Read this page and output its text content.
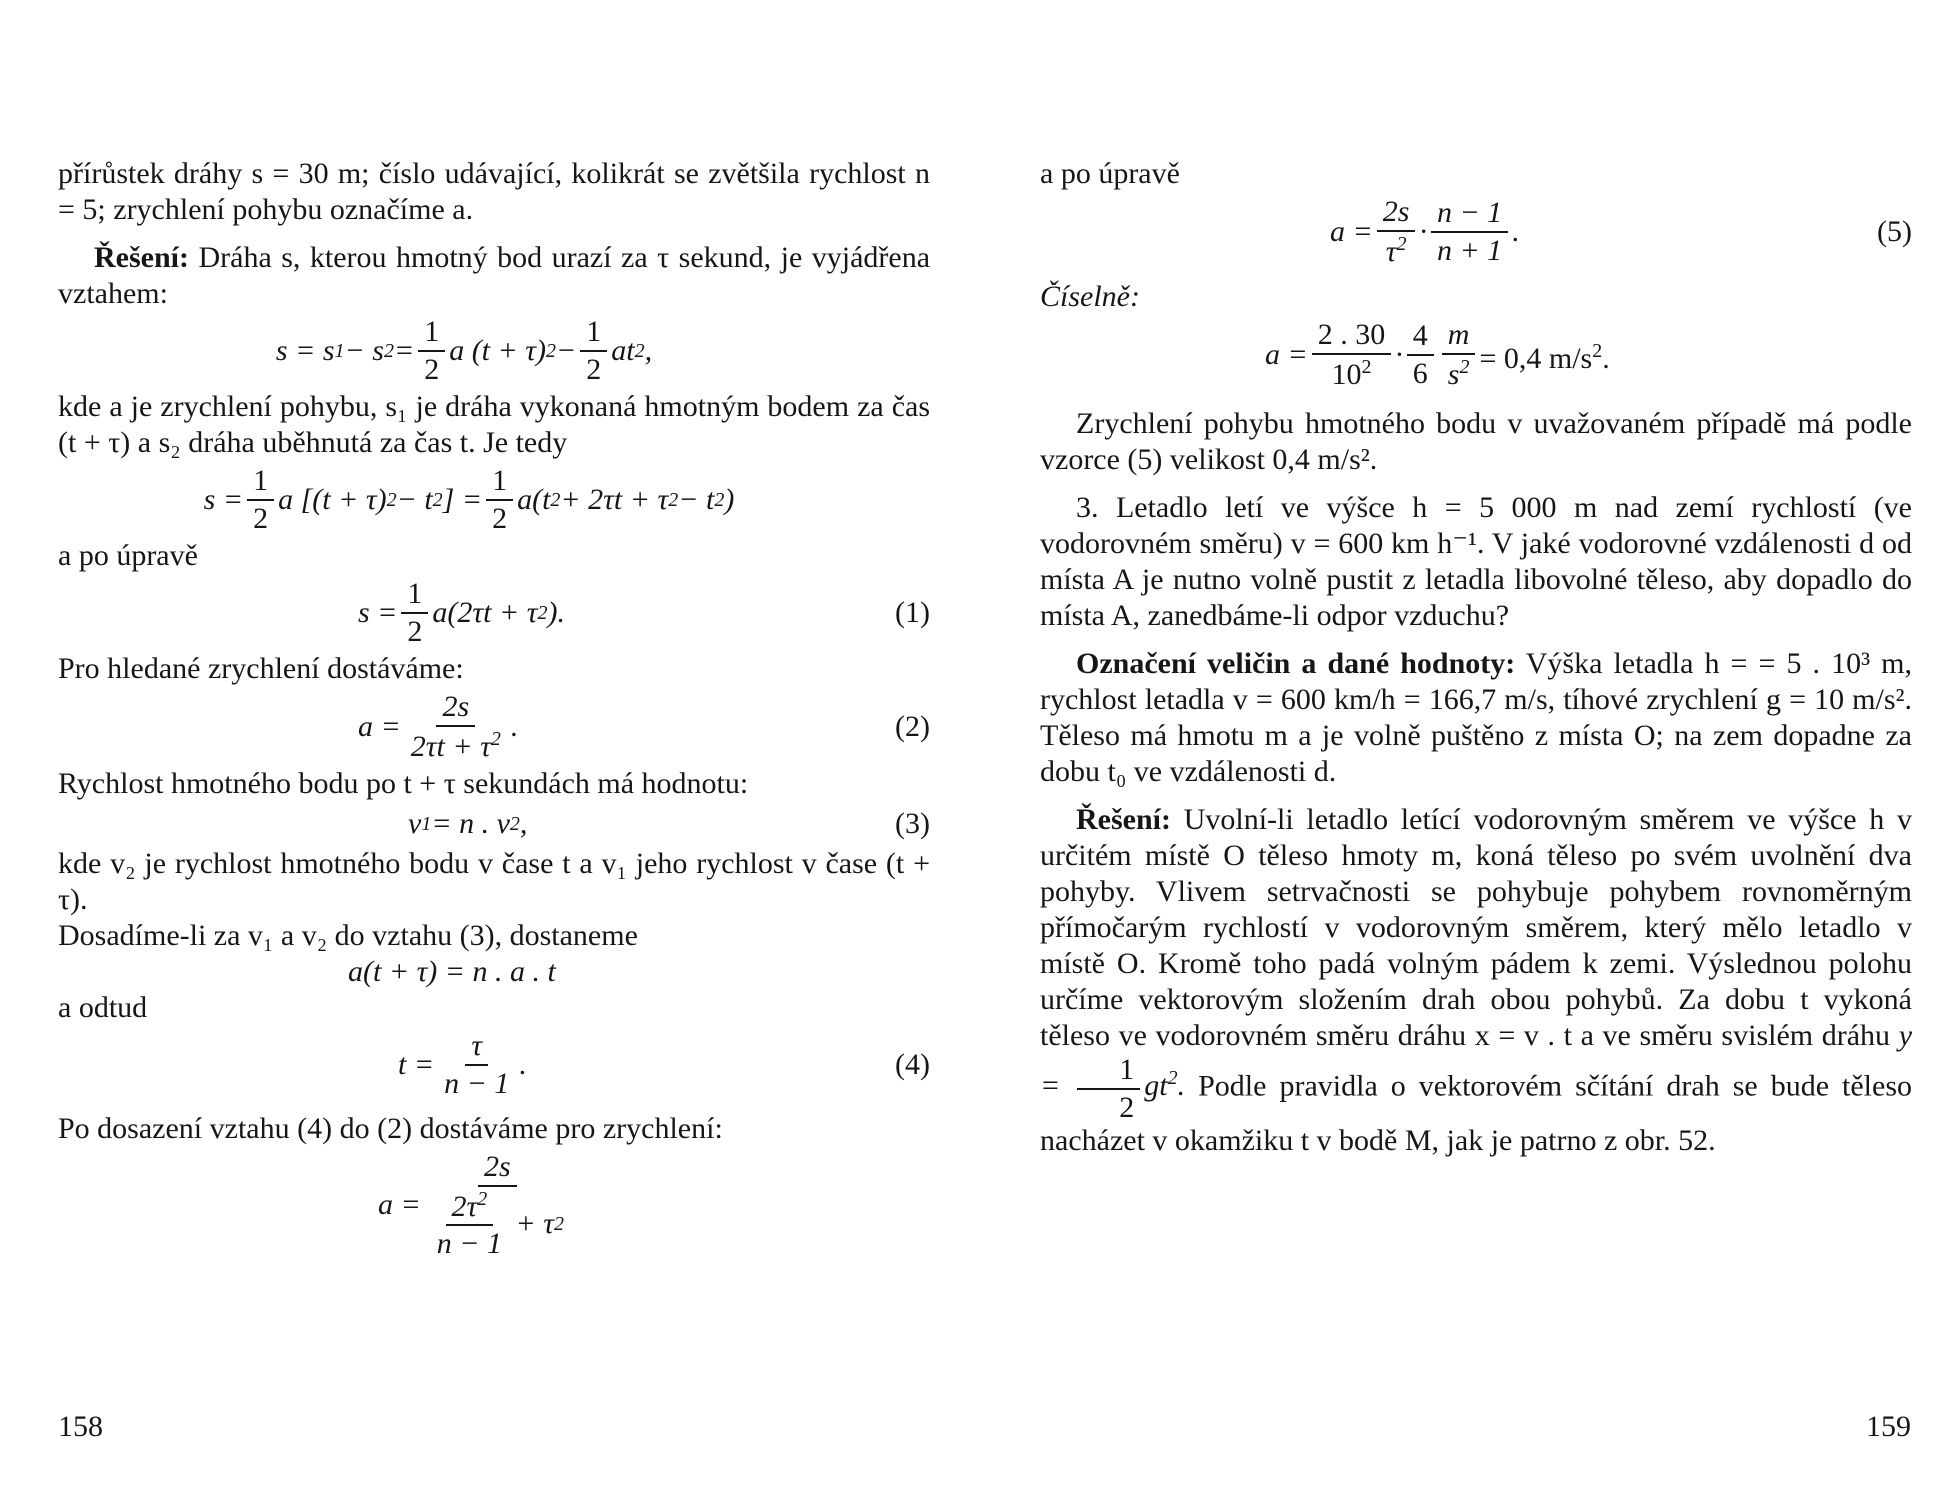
přírůstek dráhy s = 30 m; číslo udávající, kolikrát se zvětšila rychlost n = 5; zrychlení pohybu označíme a.

Řešení: Dráha s, kterou hmotný bod urazí za τ sekund, je vyjádřena vztahem:

s = s 1 − s $2 = \frac{1}{2}$ a (t + τ) $2 - \frac{1}{2}$ at 2 ,

kde a je zrychlení pohybu, s₁ je dráha vykonaná hmotným bodem za čas (t + τ) a s₂ dráha uběhnutá za čas t. Je tedy

$s = \frac{1}{2}$ a [(t + τ) 2 − t 2 ] = $\frac{1}{2} a(t$ 2 + 2τt + τ 2 − t 2 )

a po úpravě

$s = \frac{1}{2} a(2\tau t + \tau$ 2 ).	(1)

Pro hledané zrychlení dostáváme:

$a = \frac{2s}{2\tau t + \tau^2}$ .	(2)

Rychlost hmotného bodu po t + τ sekundách má hodnotu:

v 1 = n . v 2 ,	(3)

kde v₂ je rychlost hmotného bodu v čase t a v₁ jeho rychlost v čase (t + τ).

Dosadíme-li za v₁ a v₂ do vztahu (3), dostaneme

a(t + τ) = n . a . t

a odtud

$t = \frac{\tau}{n - 1}$ .	(4)

Po dosazení vztahu (4) do (2) dostáváme pro zrychlení:

$a = \frac{2s}{\frac{2\tau^2}{n - 1} + \tau 2}$
158

a po úpravě

$a = \frac{2s}{\tau^2} \cdot \frac{n - 1}{n + 1}$ .	(5)

Číselně:

$a = \frac{2 . 30}{10^2} \cdot \frac{4}{6} \frac{m}{s^2} = 0,4$ $m/s^2$.

Zrychlení pohybu hmotného bodu v uvažovaném případě má podle vzorce (5) velikost 0,4 m/s².

3. Letadlo letí ve výšce h = 5 000 m nad zemí rychlostí (ve vodorovném směru) v = 600 km h⁻¹. V jaké vodorovné vzdálenosti d od místa A je nutno volně pustit z letadla libovolné těleso, aby dopadlo do místa A, zanedbáme-li odpor vzduchu?

Označení veličin a dané hodnoty: Výška letadla h = = 5 . 10³ m, rychlost letadla v = 600 km/h = 166,7 m/s, tíhové zrychlení g = 10 m/s². Těleso má hmotu m a je volně puštěno z místa O; na zem dopadne za dobu t₀ ve vzdálenosti d.

Řešení: Uvolní-li letadlo letící vodorovným směrem ve výšce h v určitém místě O těleso hmoty m, koná těleso po svém uvolnění dva pohyby. Vlivem setrvačnosti se pohybuje pohybem rovnoměrným přímočarým rychlostí v vodorovným směrem, který mělo letadlo v místě O. Kromě toho padá volným pádem k zemi. Výslednou polohu určíme vektorovým složením drah obou pohybů. Za dobu t vykoná těleso ve vodorovném směru dráhu x = v . t a ve směru svislém dráhu $y = \frac{1}{2} gt^2$. Podle pravidla o vektorovém sčítání drah se bude těleso nacházet v okamžiku t v bodě M, jak je patrno z obr. 52.

159
